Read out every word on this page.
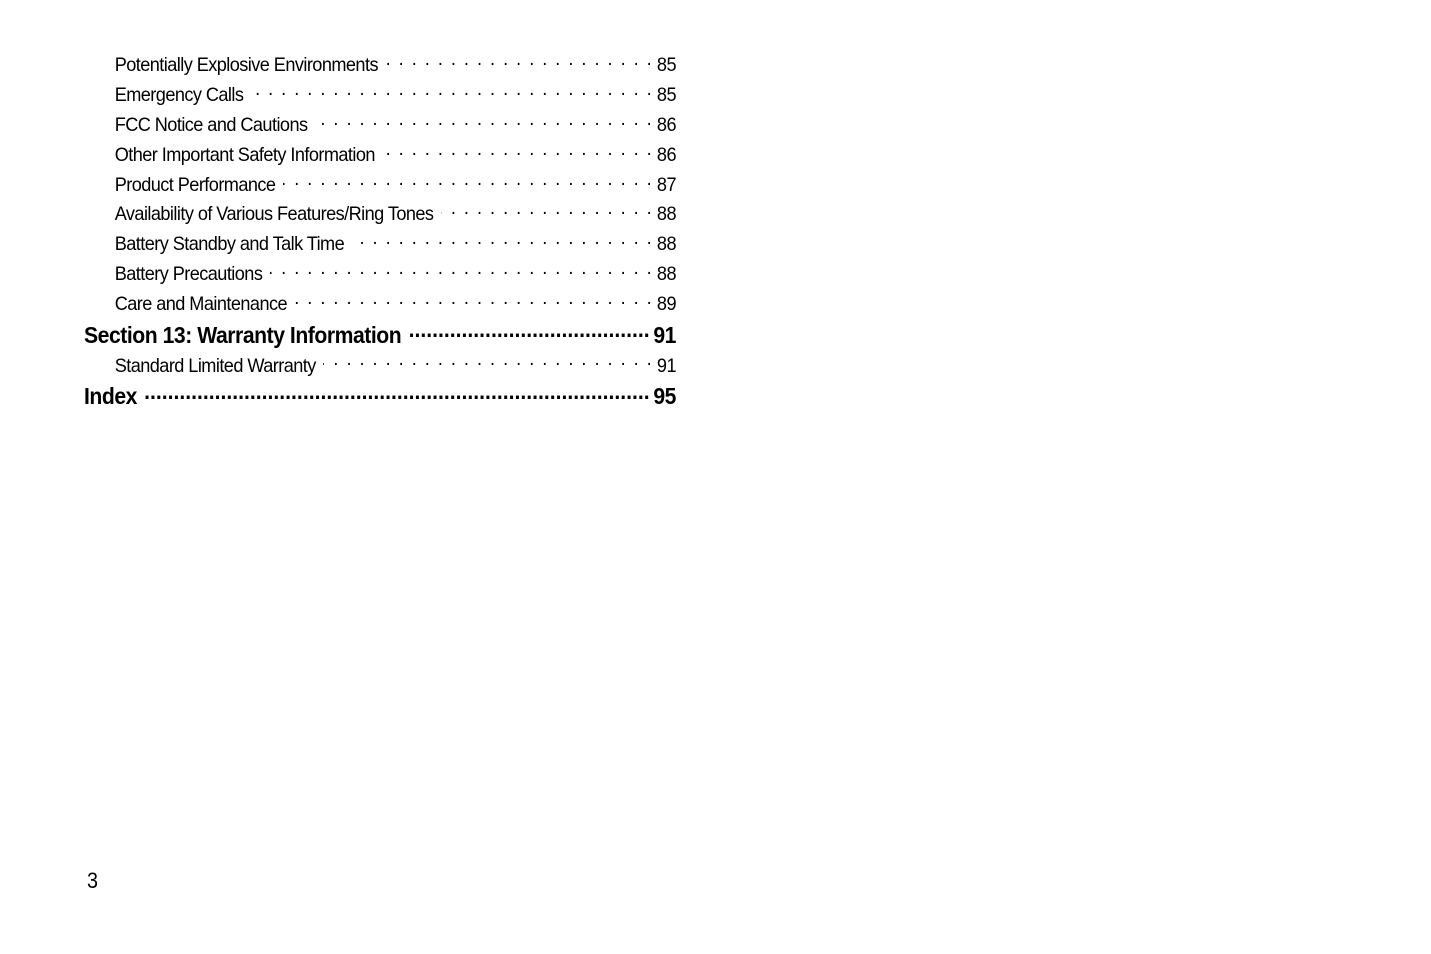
Potentially Explosive Environments . . .	85
Emergency Calls . . .	85
FCC Notice and Cautions . . .	86
Other Important Safety Information . . .	86
Product Performance . . .	87
Availability of Various Features/Ring Tones . . .	88
Battery Standby and Talk Time . . .	88
Battery Precautions . . .	88
Care and Maintenance . . .	89
Section 13: Warranty Information .....	91
Standard Limited Warranty . . .	91
Index .....	95
3
